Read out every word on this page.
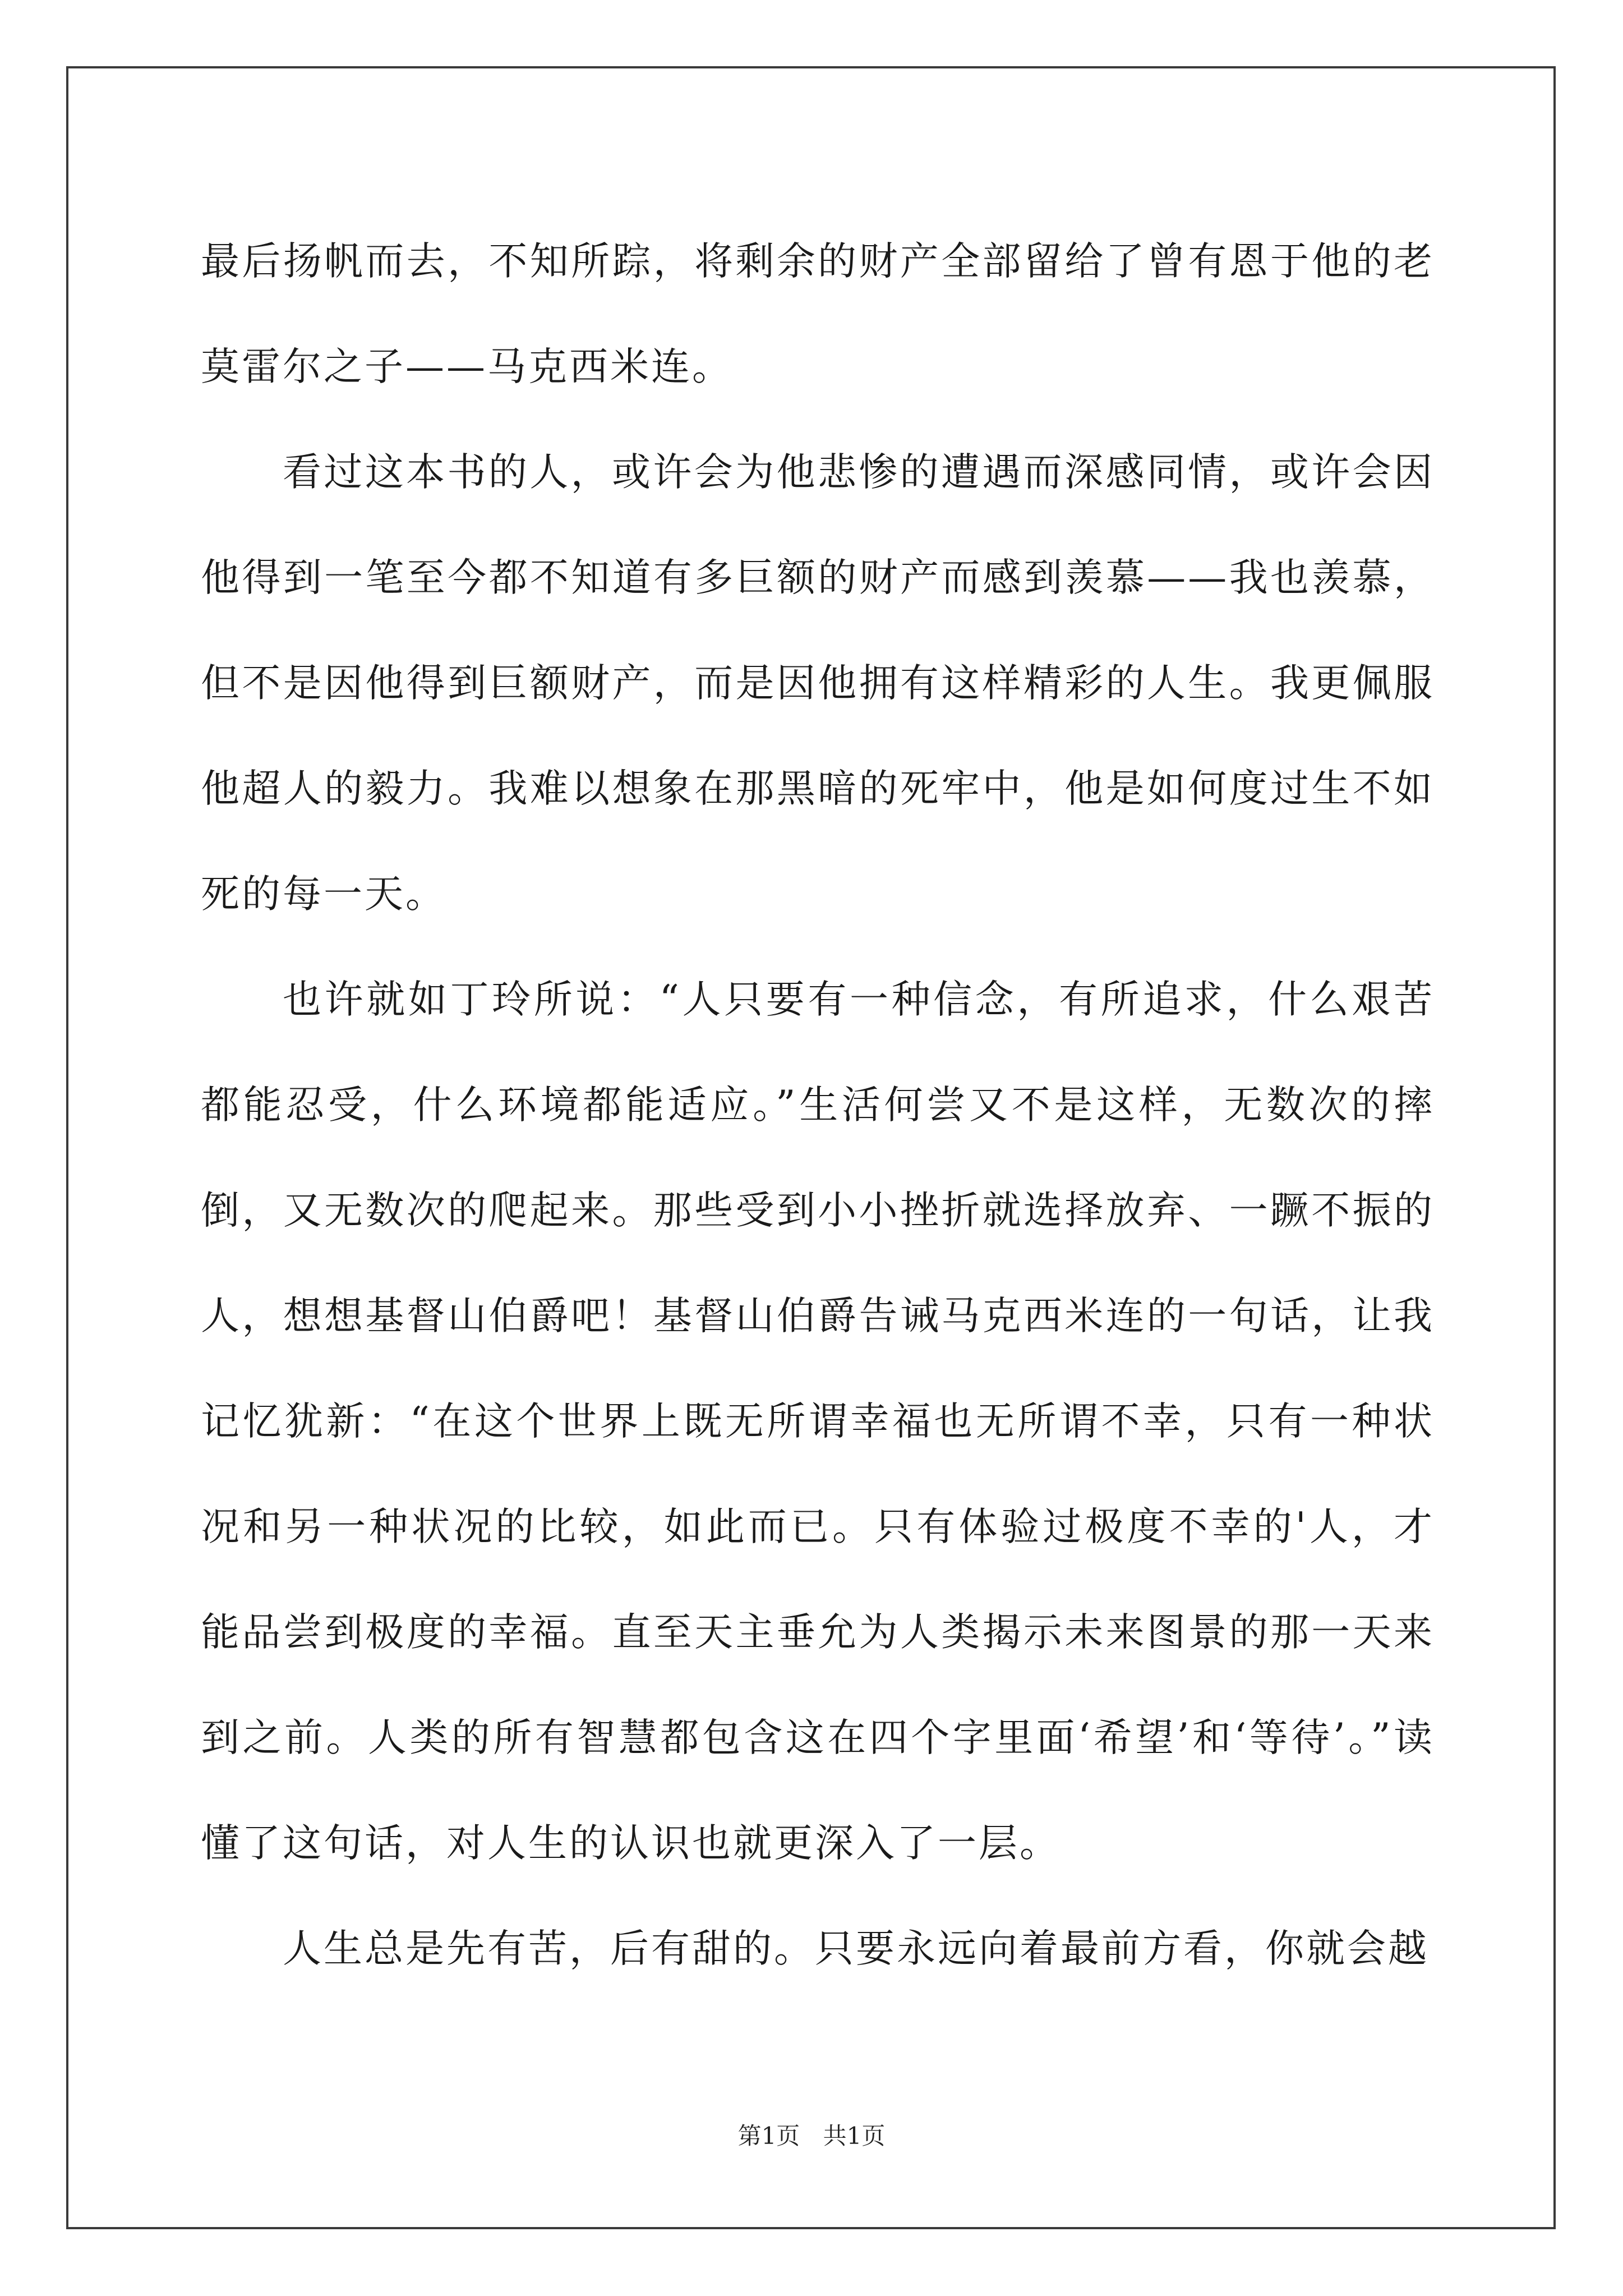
最后扬帆而去，不知所踪，将剩余的财产全部留给了曾有恩于他的老莫雷尔之子——马克西米连。

看过这本书的人，或许会为他悲惨的遭遇而深感同情，或许会因他得到一笔至今都不知道有多巨额的财产而感到羡慕——我也羡慕，但不是因他得到巨额财产，而是因他拥有这样精彩的人生。我更佩服他超人的毅力。我难以想象在那黑暗的死牢中，他是如何度过生不如死的每一天。

也许就如丁玲所说：“人只要有一种信念，有所追求，什么艰苦都能忍受，什么环境都能适应。”生活何尝又不是这样，无数次的摔倒，又无数次的爬起来。那些受到小小挫折就选择放弃、一蹶不振的人，想想基督山伯爵吧！基督山伯爵告诫马克西米连的一句话，让我记忆犹新：“在这个世界上既无所谓幸福也无所谓不幸，只有一种状况和另一种状况的比较，如此而已。只有体验过极度不幸的'人，才能品尝到极度的幸福。直至天主垂允为人类揭示未来图景的那一天来到之前。人类的所有智慧都包含这在四个字里面‘希望’和‘等待’。”读懂了这句话，对人生的认识也就更深入了一层。

人生总是先有苦，后有甜的。只要永远向着最前方看，你就会越

第1页 共1页
